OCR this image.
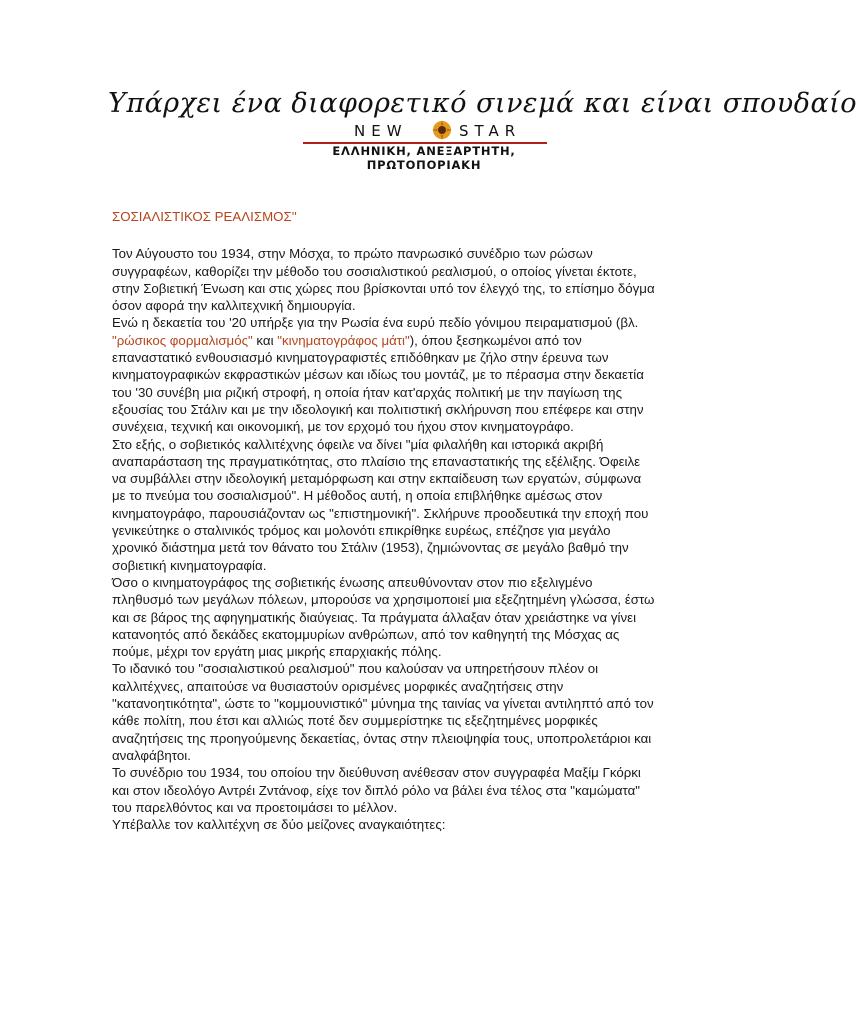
Υπάρχει ένα διαφορετικό σινεμά και είναι σπουδαίο
NEW	STAR
ΕΛΛΗΝΙΚΗ, ΑΝΕΞΑΡΤΗΤΗ, ΠΡΩΤΟΠΟΡΙΑΚΗ

ΣΟΣΙΑΛΙΣΤΙΚΟΣ ΡΕΑΛΙΣΜΟΣ''

Τον Αύγουστο του 1934, στην Μόσχα, το πρώτο πανρωσικό συνέδριο των ρώσων συγγραφέων, καθορίζει την μέθοδο του σοσιαλιστικού ρεαλισμού, ο οποίος γίνεται έκτοτε, στην Σοβιετική Ένωση και στις χώρες που βρίσκονται υπό τον έλεγχό της, το επίσημο δόγμα όσον αφορά την καλλιτεχνική δημιουργία.

Ενώ η δεκαετία του '20 υπήρξε για την Ρωσία ένα ευρύ πεδίο γόνιμου πειραματισμού (βλ. "ρώσικος φορμαλισμός" και "κινηματογράφος μάτι"), όπου ξεσηκωμένοι από τον επαναστατικό ενθουσιασμό κινηματογραφιστές επιδόθηκαν με ζήλο στην έρευνα των κινηματογραφικών εκφραστικών μέσων και ιδίως του μοντάζ, με το πέρασμα στην δεκαετία του '30 συνέβη μια ριζική στροφή, η οποία ήταν κατ'αρχάς πολιτική με την παγίωση της εξουσίας του Στάλιν και με την ιδεολογική και πολιτιστική σκλήρυνση που επέφερε και στην συνέχεια, τεχνική και οικονομική, με τον ερχομό του ήχου στον κινηματογράφο.

Στο εξής, ο σοβιετικός καλλιτέχνης όφειλε να δίνει "μία φιλαλήθη και ιστορικά ακριβή αναπαράσταση της πραγματικότητας, στο πλαίσιο της επαναστατικής της εξέλιξης. Όφειλε να συμβάλλει στην ιδεολογική μεταμόρφωση και στην εκπαίδευση των εργατών, σύμφωνα με το πνεύμα του σοσιαλισμού". Η μέθοδος αυτή, η οποία επιβλήθηκε αμέσως στον κινηματογράφο, παρουσιάζονταν ως "επιστημονική". Σκλήρυνε προοδευτικά την εποχή που γενικεύτηκε ο σταλινικός τρόμος και μολονότι επικρίθηκε ευρέως, επέζησε για μεγάλο χρονικό διάστημα μετά τον θάνατο του Στάλιν (1953), ζημιώνοντας σε μεγάλο βαθμό την σοβιετική κινηματογραφία.

Όσο ο κινηματογράφος της σοβιετικής ένωσης απευθύνονταν στον πιο εξελιγμένο πληθυσμό των μεγάλων πόλεων, μπορούσε να χρησιμοποιεί μια εξεζητημένη γλώσσα, έστω και σε βάρος της αφηγηματικής διαύγειας. Τα πράγματα άλλαξαν όταν χρειάστηκε να γίνει κατανοητός από δεκάδες εκατομμυρίων ανθρώπων, από τον καθηγητή της Μόσχας ας πούμε, μέχρι τον εργάτη μιας μικρής επαρχιακής πόλης.

Το ιδανικό του "σοσιαλιστικού ρεαλισμού" που καλούσαν να υπηρετήσουν πλέον οι καλλιτέχνες, απαιτούσε να θυσιαστούν ορισμένες μορφικές αναζητήσεις στην "κατανοητικότητα", ώστε το "κομμουνιστικό" μύνημα της ταινίας να γίνεται αντιληπτό από τον κάθε πολίτη, που έτσι και αλλιώς ποτέ δεν συμμερίστηκε τις εξεζητημένες μορφικές αναζητήσεις της προηγούμενης δεκαετίας, όντας στην πλειοψηφία τους, υποπρολετάριοι και αναλφάβητοι.

Το συνέδριο του 1934, του οποίου την διεύθυνση ανέθεσαν στον συγγραφέα Μαξίμ Γκόρκι και στον ιδεολόγο Αντρέι Ζντάνοφ, είχε τον διπλό ρόλο να βάλει ένα τέλος στα "καμώματα" του παρελθόντος και να προετοιμάσει το μέλλον.

Υπέβαλλε τον καλλιτέχνη σε δύο μείζονες αναγκαιότητες:
